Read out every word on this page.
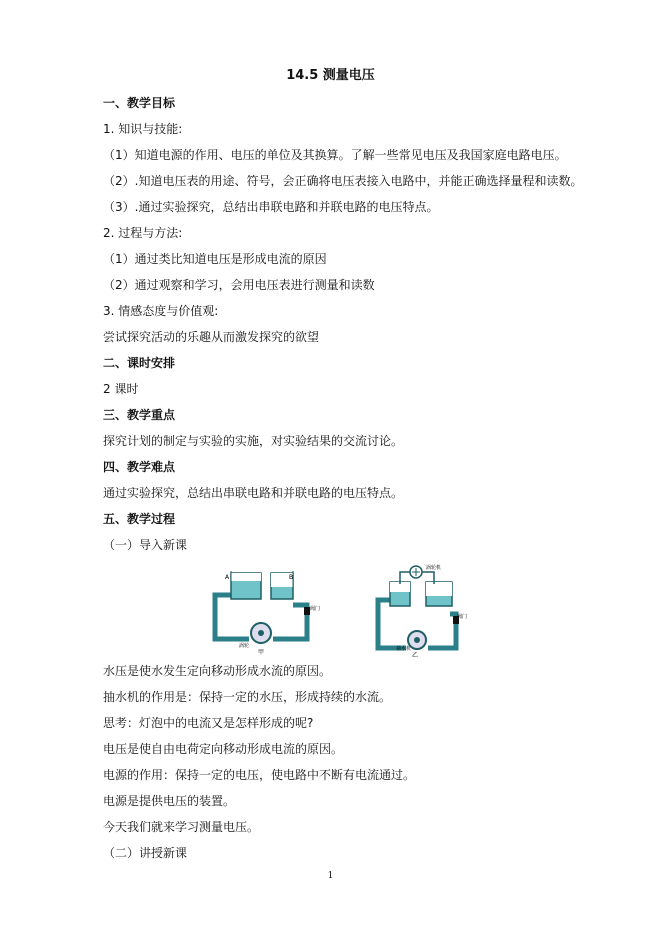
14.5 测量电压
一、教学目标
1. 知识与技能:
（1）知道电源的作用、电压的单位及其换算。了解一些常见电压及我国家庭电路电压。
（2）.知道电压表的用途、符号，会正确将电压表接入电路中，并能正确选择量程和读数。
（3）.通过实验探究，总结出串联电路和并联电路的电压特点。
2. 过程与方法:
（1）通过类比知道电压是形成电流的原因
（2）通过观察和学习，会用电压表进行测量和读数
3. 情感态度与价值观:
尝试探究活动的乐趣从而激发探究的欲望
二、课时安排
2 课时
三、教学重点
探究计划的制定与实验的实施，对实验结果的交流讨论。
四、教学难点
通过实验探究，总结出串联电路和并联电路的电压特点。
五、教学过程
（一）导入新课
A	B
阀门
涡轮
甲
涡轮机
阀门
抽水机
乙
水压是使水发生定向移动形成水流的原因。
抽水机的作用是：保持一定的水压，形成持续的水流。
思考：灯泡中的电流又是怎样形成的呢?
电压是使自由电荷定向移动形成电流的原因。
电源的作用：保持一定的电压，使电路中不断有电流通过。
电源是提供电压的装置。
今天我们就来学习测量电压。
（二）讲授新课
1
